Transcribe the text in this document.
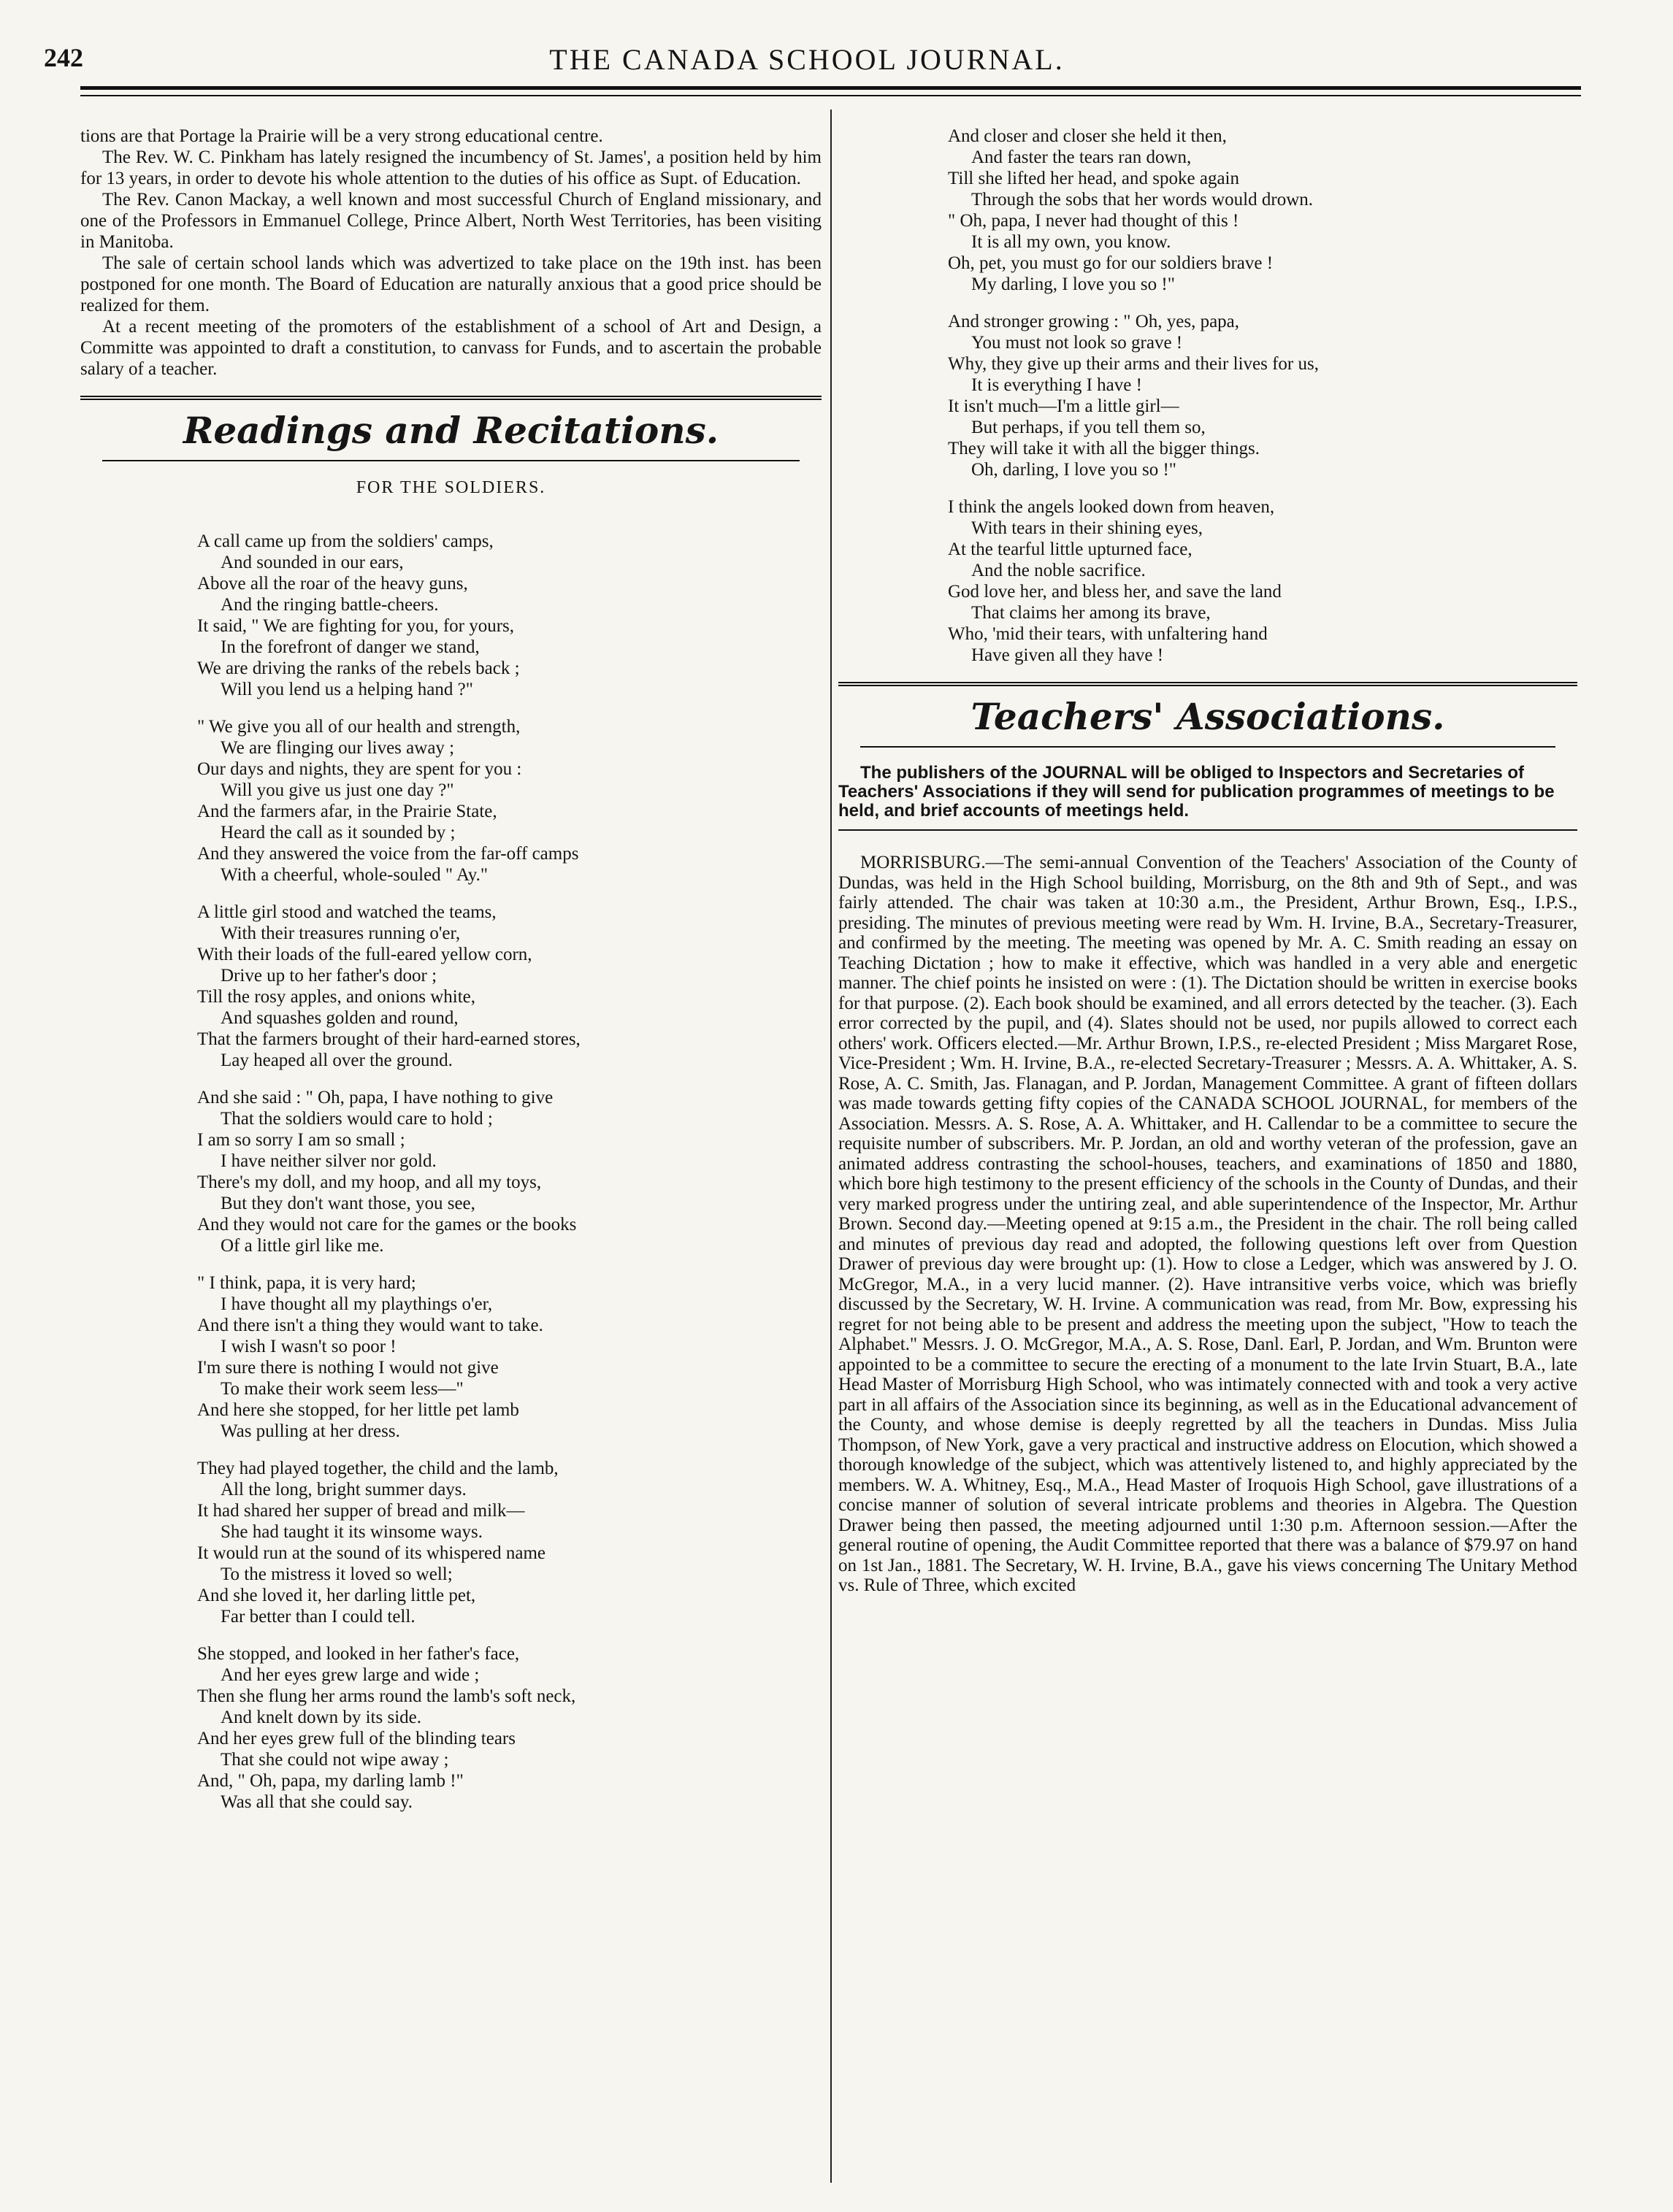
242	THE CANADA SCHOOL JOURNAL.

tions are that Portage la Prairie will be a very strong educational centre.

The Rev. W. C. Pinkham has lately resigned the incumbency of St. James', a position held by him for 13 years, in order to devote his whole attention to the duties of his office as Supt. of Education.

The Rev. Canon Mackay, a well known and most successful Church of England missionary, and one of the Professors in Emmanuel College, Prince Albert, North West Territories, has been visiting in Manitoba.

The sale of certain school lands which was advertized to take place on the 19th inst. has been postponed for one month. The Board of Education are naturally anxious that a good price should be realized for them.

At a recent meeting of the promoters of the establishment of a school of Art and Design, a Committe was appointed to draft a constitution, to canvass for Funds, and to ascertain the probable salary of a teacher.

Readings and Recitations.
FOR THE SOLDIERS.
A call came up from the soldiers' camps,
And sounded in our ears,
Above all the roar of the heavy guns,
And the ringing battle-cheers.
It said, " We are fighting for you, for yours,
In the forefront of danger we stand,
We are driving the ranks of the rebels back ;
Will you lend us a helping hand ?"
" We give you all of our health and strength,
We are flinging our lives away ;
Our days and nights, they are spent for you :
Will you give us just one day ?"
And the farmers afar, in the Prairie State,
Heard the call as it sounded by ;
And they answered the voice from the far-off camps
With a cheerful, whole-souled " Ay."
A little girl stood and watched the teams,
With their treasures running o'er,
With their loads of the full-eared yellow corn,
Drive up to her father's door ;
Till the rosy apples, and onions white,
And squashes golden and round,
That the farmers brought of their hard-earned stores,
Lay heaped all over the ground.
And she said : " Oh, papa, I have nothing to give
That the soldiers would care to hold ;
I am so sorry I am so small ;
I have neither silver nor gold.
There's my doll, and my hoop, and all my toys,
But they don't want those, you see,
And they would not care for the games or the books
Of a little girl like me.
" I think, papa, it is very hard;
I have thought all my playthings o'er,
And there isn't a thing they would want to take.
I wish I wasn't so poor !
I'm sure there is nothing I would not give
To make their work seem less—"
And here she stopped, for her little pet lamb
Was pulling at her dress.
They had played together, the child and the lamb,
All the long, bright summer days.
It had shared her supper of bread and milk—
She had taught it its winsome ways.
It would run at the sound of its whispered name
To the mistress it loved so well;
And she loved it, her darling little pet,
Far better than I could tell.
She stopped, and looked in her father's face,
And her eyes grew large and wide ;
Then she flung her arms round the lamb's soft neck,
And knelt down by its side.
And her eyes grew full of the blinding tears
That she could not wipe away ;
And, " Oh, papa, my darling lamb !"
Was all that she could say.
And closer and closer she held it then,
And faster the tears ran down,
Till she lifted her head, and spoke again
Through the sobs that her words would drown.
" Oh, papa, I never had thought of this !
It is all my own, you know.
Oh, pet, you must go for our soldiers brave !
My darling, I love you so !"
And stronger growing : " Oh, yes, papa,
You must not look so grave !
Why, they give up their arms and their lives for us,
It is everything I have !
It isn't much—I'm a little girl—
But perhaps, if you tell them so,
They will take it with all the bigger things.
Oh, darling, I love you so !"
I think the angels looked down from heaven,
With tears in their shining eyes,
At the tearful little upturned face,
And the noble sacrifice.
God love her, and bless her, and save the land
That claims her among its brave,
Who, 'mid their tears, with unfaltering hand
Have given all they have !
Teachers' Associations.
The publishers of the JOURNAL will be obliged to Inspectors and Secretaries of Teachers' Associations if they will send for publication programmes of meetings to be held, and brief accounts of meetings held.

MORRISBURG.—The semi-annual Convention of the Teachers' Association of the County of Dundas, was held in the High School building, Morrisburg, on the 8th and 9th of Sept., and was fairly attended. The chair was taken at 10:30 a.m., the President, Arthur Brown, Esq., I.P.S., presiding. The minutes of previous meeting were read by Wm. H. Irvine, B.A., Secretary-Treasurer, and confirmed by the meeting. The meeting was opened by Mr. A. C. Smith reading an essay on Teaching Dictation ; how to make it effective, which was handled in a very able and energetic manner. The chief points he insisted on were : (1). The Dictation should be written in exercise books for that purpose. (2). Each book should be examined, and all errors detected by the teacher. (3). Each error corrected by the pupil, and (4). Slates should not be used, nor pupils allowed to correct each others' work. Officers elected.—Mr. Arthur Brown, I.P.S., re-elected President ; Miss Margaret Rose, Vice-President ; Wm. H. Irvine, B.A., re-elected Secretary-Treasurer ; Messrs. A. A. Whittaker, A. S. Rose, A. C. Smith, Jas. Flanagan, and P. Jordan, Management Committee. A grant of fifteen dollars was made towards getting fifty copies of the CANADA SCHOOL JOURNAL, for members of the Association. Messrs. A. S. Rose, A. A. Whittaker, and H. Callendar to be a committee to secure the requisite number of subscribers. Mr. P. Jordan, an old and worthy veteran of the profession, gave an animated address contrasting the school-houses, teachers, and examinations of 1850 and 1880, which bore high testimony to the present efficiency of the schools in the County of Dundas, and their very marked progress under the untiring zeal, and able superintendence of the Inspector, Mr. Arthur Brown. Second day.—Meeting opened at 9:15 a.m., the President in the chair. The roll being called and minutes of previous day read and adopted, the following questions left over from Question Drawer of previous day were brought up: (1). How to close a Ledger, which was answered by J. O. McGregor, M.A., in a very lucid manner. (2). Have intransitive verbs voice, which was briefly discussed by the Secretary, W. H. Irvine. A communication was read, from Mr. Bow, expressing his regret for not being able to be present and address the meeting upon the subject, "How to teach the Alphabet." Messrs. J. O. McGregor, M.A., A. S. Rose, Danl. Earl, P. Jordan, and Wm. Brunton were appointed to be a committee to secure the erecting of a monument to the late Irvin Stuart, B.A., late Head Master of Morrisburg High School, who was intimately connected with and took a very active part in all affairs of the Association since its beginning, as well as in the Educational advancement of the County, and whose demise is deeply regretted by all the teachers in Dundas. Miss Julia Thompson, of New York, gave a very practical and instructive address on Elocution, which showed a thorough knowledge of the subject, which was attentively listened to, and highly appreciated by the members. W. A. Whitney, Esq., M.A., Head Master of Iroquois High School, gave illustrations of a concise manner of solution of several intricate problems and theories in Algebra. The Question Drawer being then passed, the meeting adjourned until 1:30 p.m. Afternoon session.—After the general routine of opening, the Audit Committee reported that there was a balance of $79.97 on hand on 1st Jan., 1881. The Secretary, W. H. Irvine, B.A., gave his views concerning The Unitary Method vs. Rule of Three, which excited
